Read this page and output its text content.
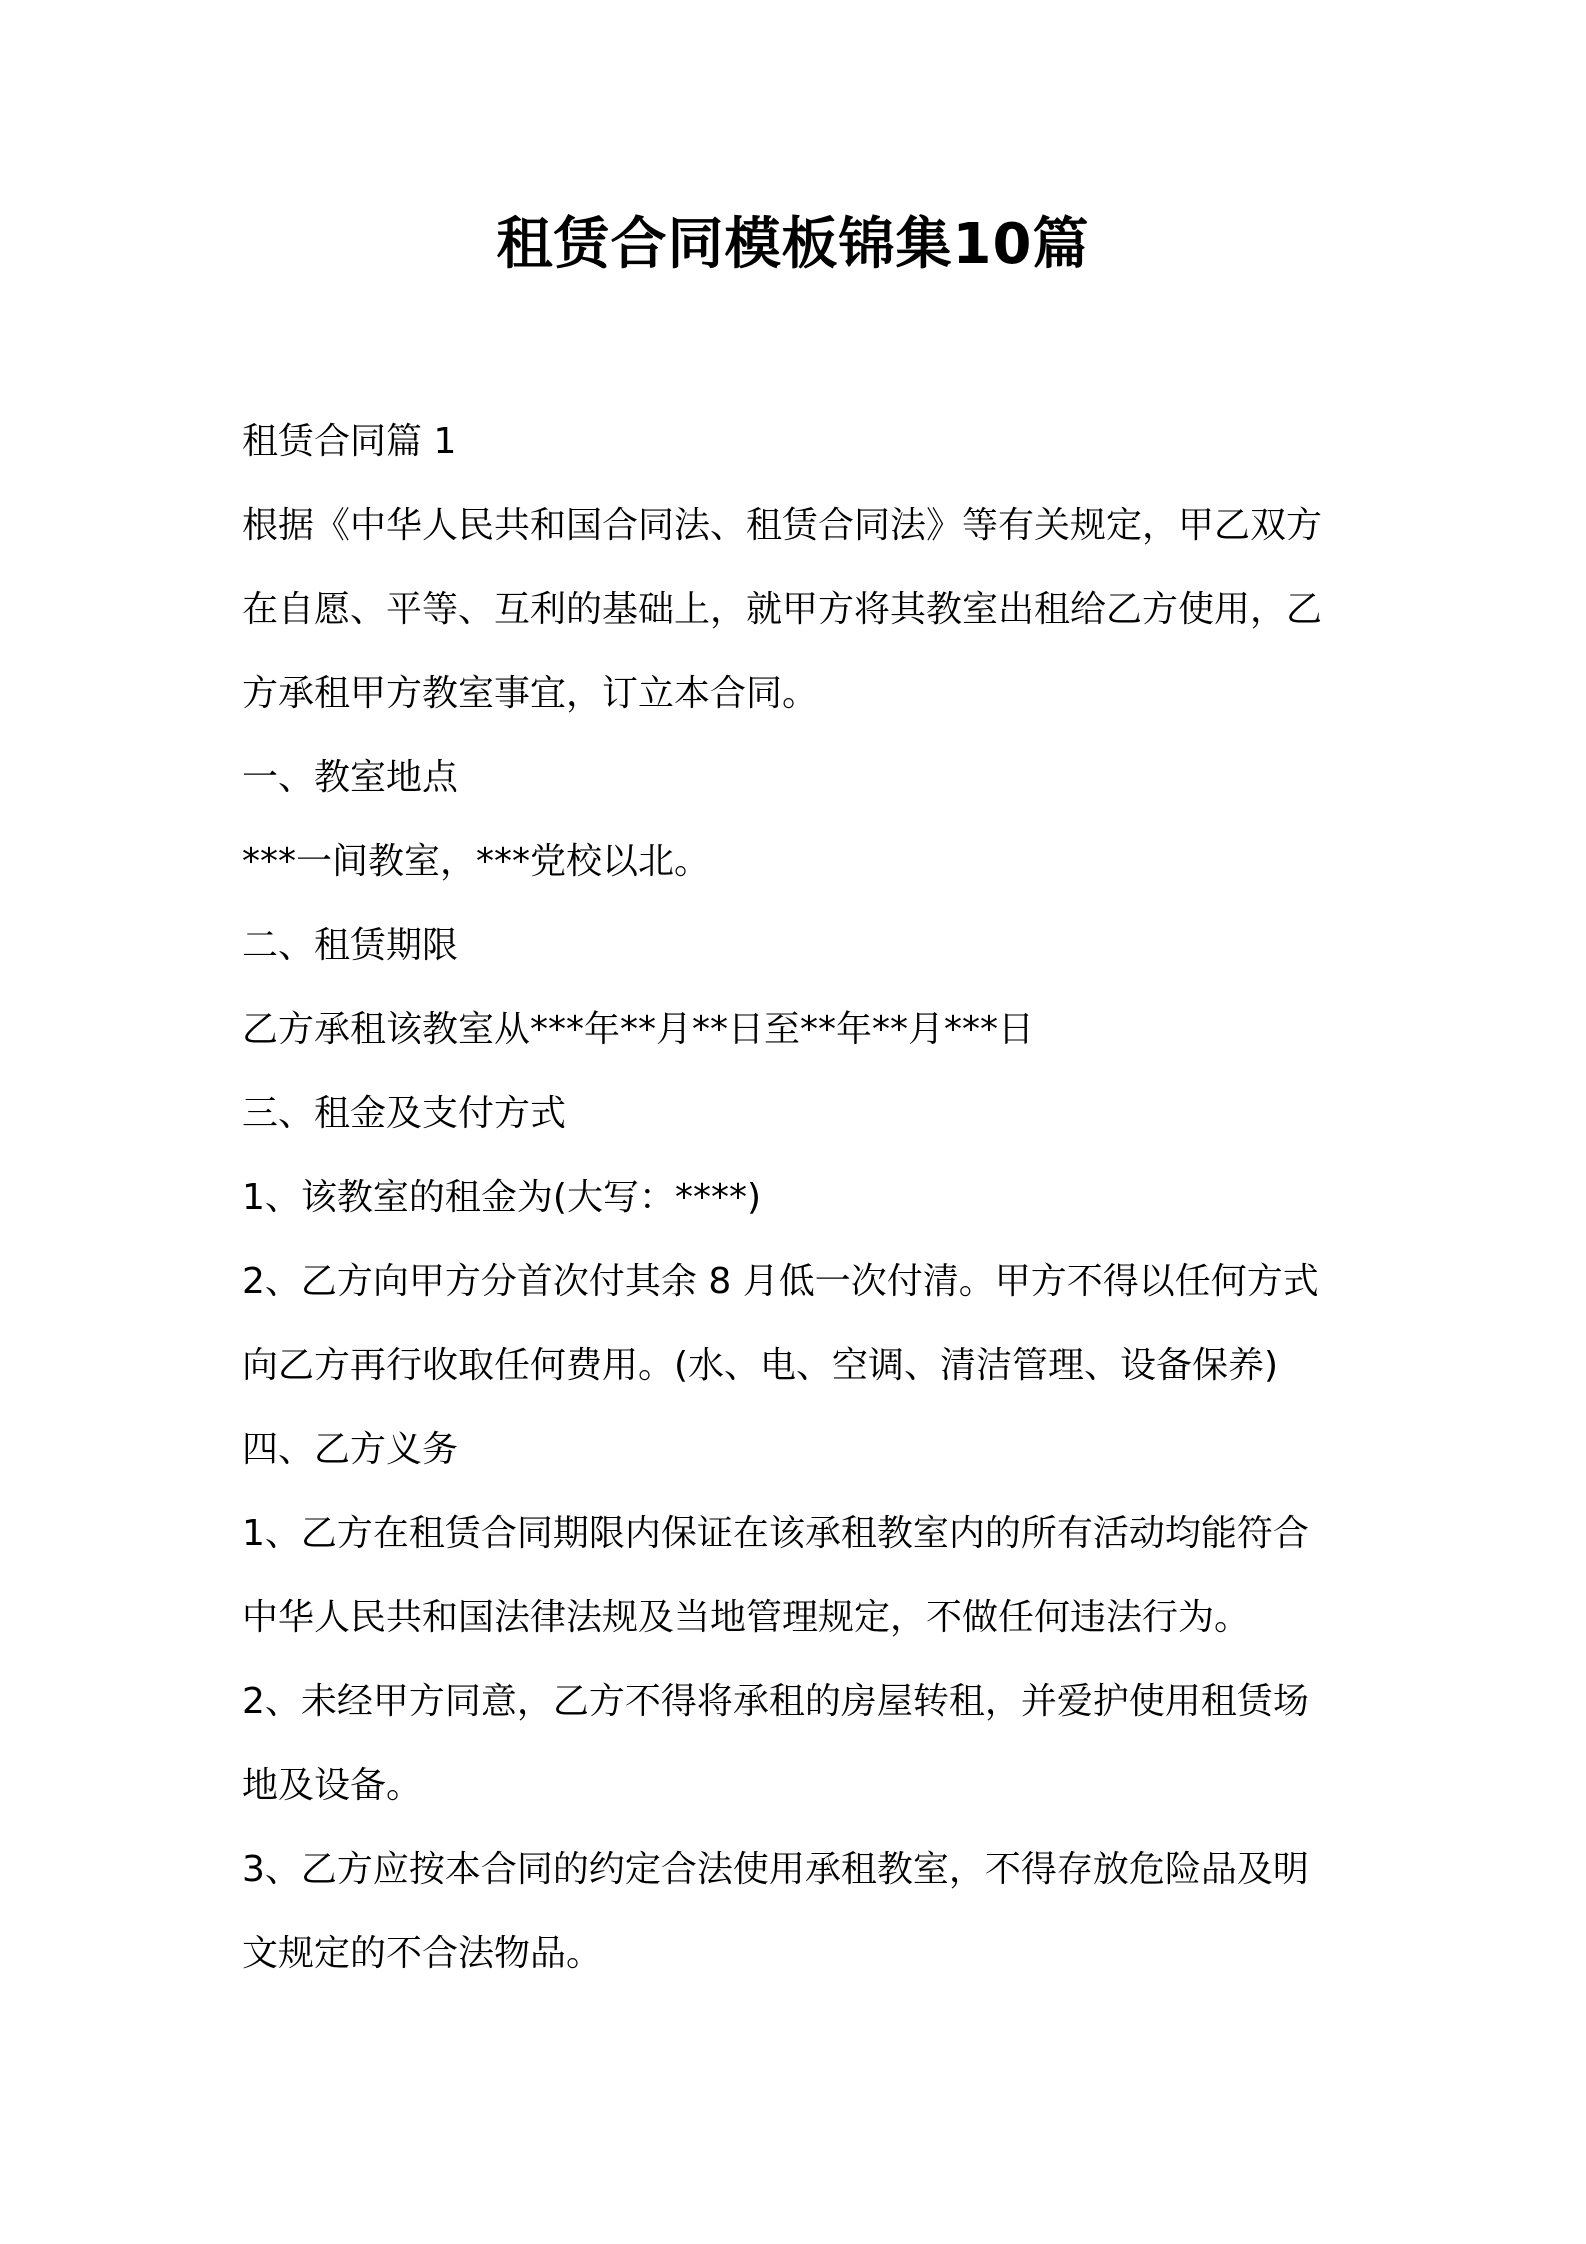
租赁合同模板锦集10篇

租赁合同篇 1

根据《中华人民共和国合同法、租赁合同法》等有关规定，甲乙双方

在自愿、平等、互利的基础上，就甲方将其教室出租给乙方使用，乙

方承租甲方教室事宜，订立本合同。

一、教室地点

***一间教室，***党校以北。

二、租赁期限

乙方承租该教室从***年**月**日至**年**月***日

三、租金及支付方式

1、该教室的租金为(大写：****)

2、乙方向甲方分首次付其余 8 月低一次付清。甲方不得以任何方式

向乙方再行收取任何费用。(水、电、空调、清洁管理、设备保养)

四、乙方义务

1、乙方在租赁合同期限内保证在该承租教室内的所有活动均能符合

中华人民共和国法律法规及当地管理规定，不做任何违法行为。

2、未经甲方同意，乙方不得将承租的房屋转租，并爱护使用租赁场

地及设备。

3、乙方应按本合同的约定合法使用承租教室，不得存放危险品及明

文规定的不合法物品。
